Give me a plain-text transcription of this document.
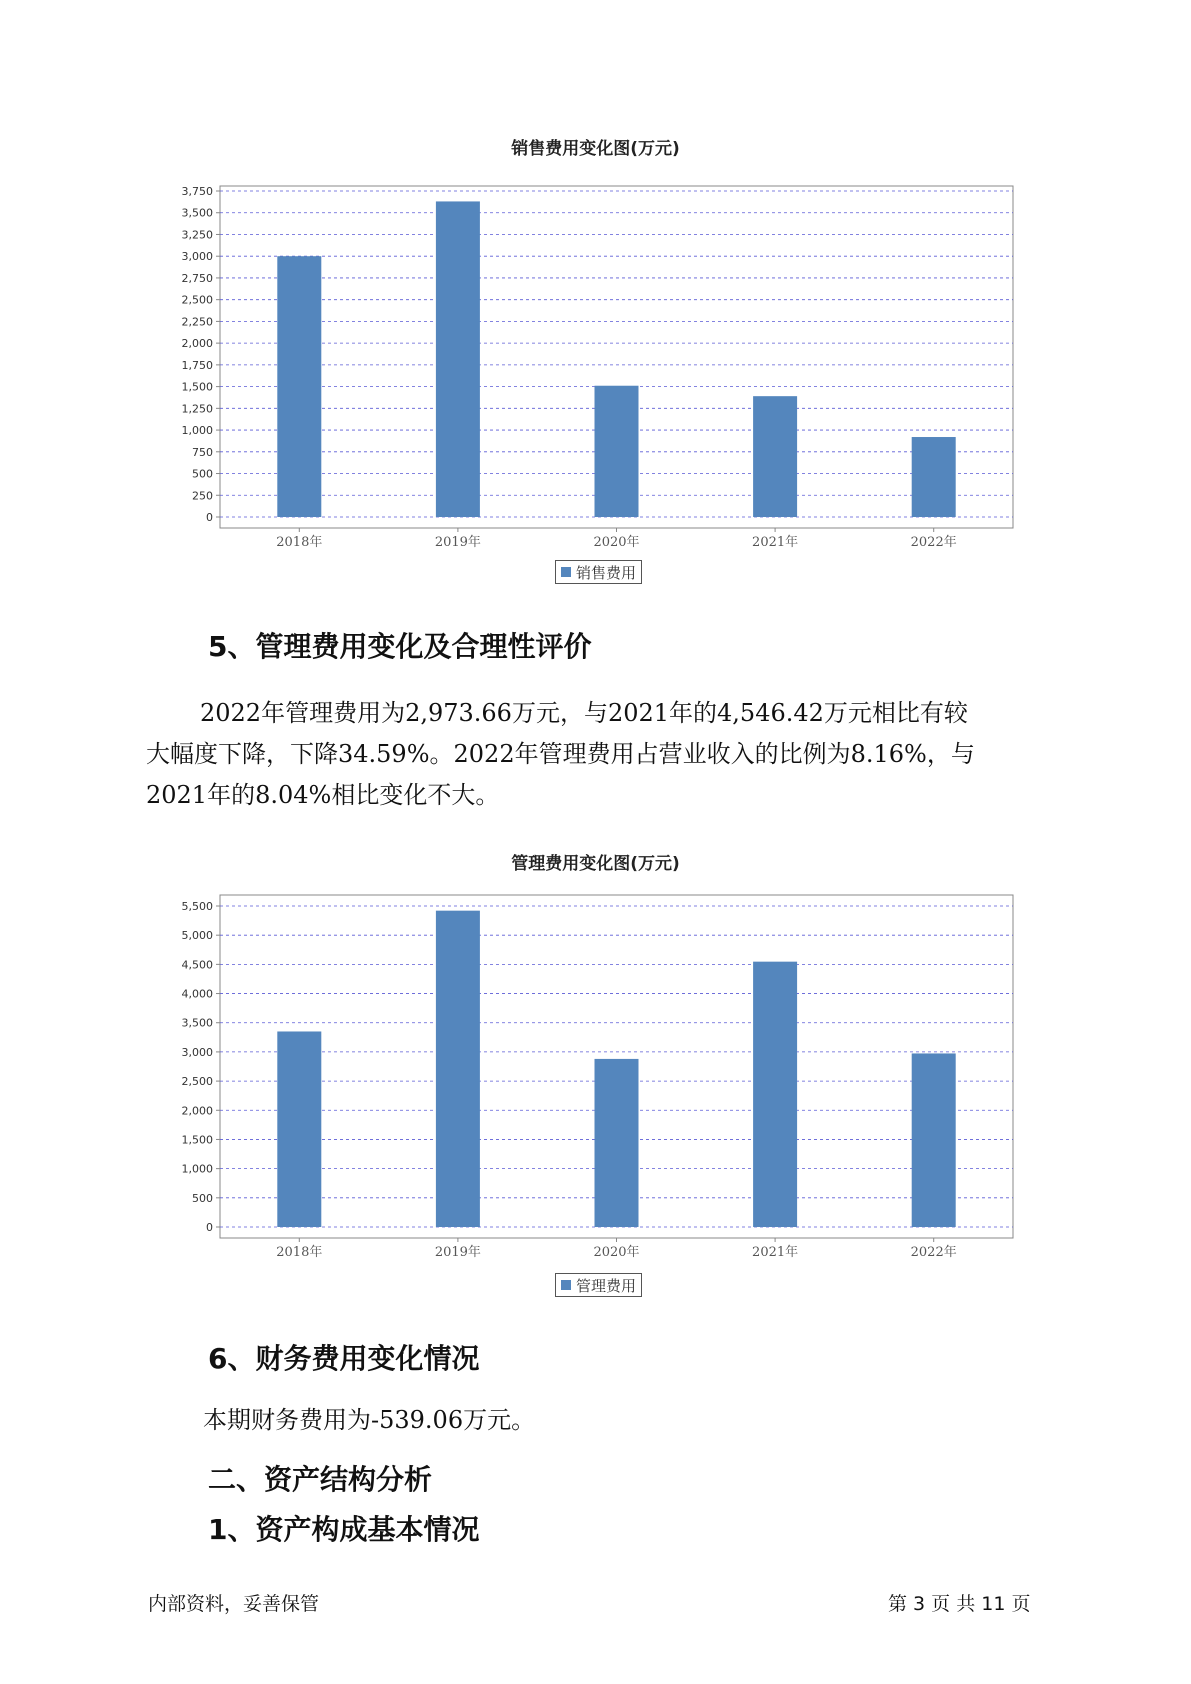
销售费用变化图(万元)
0
250
500
750
1,000
1,250
1,500
1,750
2,000
2,250
2,500
2,750
3,000
3,250
3,500
3,750
2018年	2019年	2020年	2021年	2022年
销售费用
5、管理费用变化及合理性评价
2022年管理费用为2,973.66万元，与2021年的4,546.42万元相比有较
大幅度下降，下降34.59%。2022年管理费用占营业收入的比例为8.16%，与
2021年的8.04%相比变化不大。
管理费用变化图(万元)
0
500
1,000
1,500
2,000
2,500
3,000
3,500
4,000
4,500
5,000
5,500
2018年	2019年	2020年	2021年	2022年
管理费用
6、财务费用变化情况

本期财务费用为-539.06万元。

二、资产结构分析
1、资产构成基本情况
内部资料，妥善保管	第 3 页 共 11 页
